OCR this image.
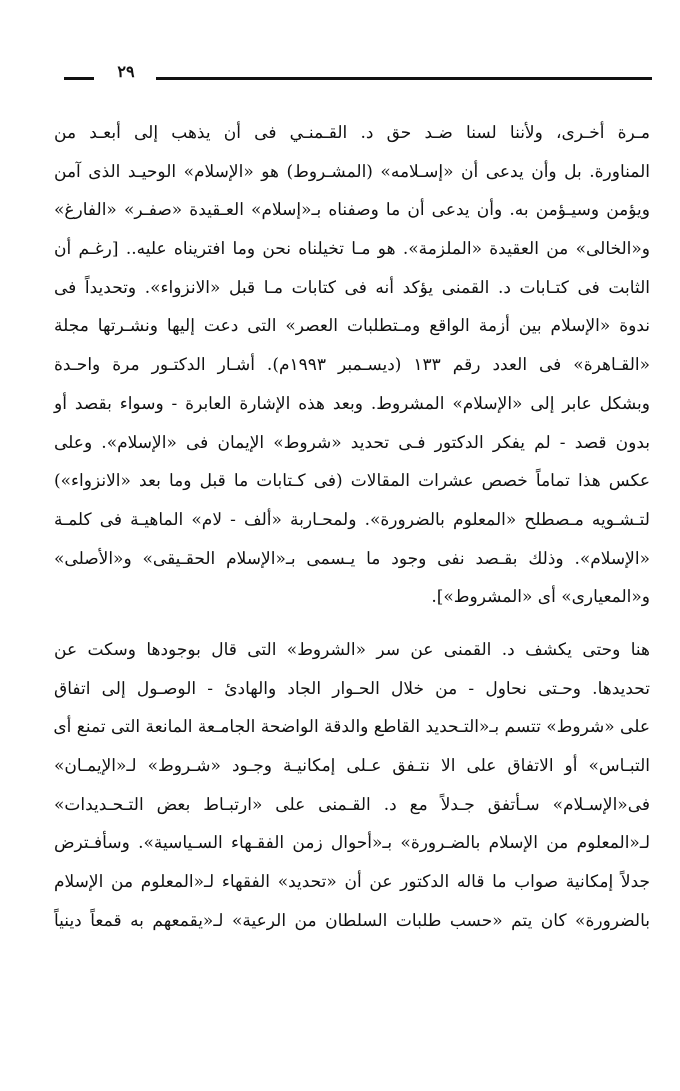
٢٩
مـرة أخـرى، ولأننا لسنا ضـد حق د. القـمنـي فى أن يذهب إلى أبعـد من
المناورة. بل وأن يدعى أن «إسـلامه» (المشـروط) هو «الإسلام» الوحيـد الذى آمن
ويؤمن وسيـؤمن به. وأن يدعى أن ما وصفناه بـ«إسلام» العـقيدة «صفـر» «الفارغ»
و«الخالى» من العقيدة «الملزمة». هو مـا تخيلناه نحن وما افتريناه عليه.. [رغـم أن
الثابت فى كتـابات د. القمنى يؤكد أنه فى كتابات مـا قبل «الانزواء». وتحديداً فى
ندوة «الإسلام بين أزمة الواقع ومـتطلبات العصر» التى دعت إليها ونشـرتها مجلة
«القـاهرة» فى العدد رقم ١٣٣ (ديسـمبر ١٩٩٣م). أشـار الدكتـور مرة واحـدة
وبشكل عابر إلى «الإسلام» المشروط. وبعد هذه الإشارة العابرة - وسواء بقصد أو
بدون قصد - لم يفكر الدكتور فـى تحديد «شروط» الإيمان فى «الإسلام». وعلى
عكس هذا تماماً خصص عشرات المقالات (فى كـتابات ما قبل وما بعد «الانزواء»)
لتـشـويه مـصطلح «المعلوم بالضرورة». ولمحـاربة «ألف - لام» الماهيـة فى كلمـة
«الإسلام». وذلك بقـصد نفى وجود ما يـسمى بـ«الإسلام الحقـيقى» و«الأصلى»
و«المعيارى» أى «المشروط»].
هنا وحتى يكشف د. القمنى عن سر «الشروط» التى قال بوجودها وسكت عن
تحديدها. وحـتى نحاول - من خلال الحـوار الجاد والهادئ - الوصـول إلى اتفاق
على «شروط» تتسم بـ«التـحديد القاطع والدقة الواضحة الجامـعة المانعة التى تمنع أى
التبـاس» أو الاتفاق على الا نتـفق عـلى إمكانيـة وجـود «شـروط» لـ«الإيمـان»
فى«الإسـلام» سـأتفق جـدلاً مع د. القـمنى على «ارتبـاط بعض التـحـديدات»
لـ«المعلوم من الإسلام بالضـرورة» بـ«أحوال زمن الفقـهاء السـياسية». وسأفـترض
جدلاً إمكانية صواب ما قاله الدكتور عن أن «تحديد» الفقهاء لـ«المعلوم من الإسلام
بالضرورة» كان يتم «حسب طلبات السلطان من الرعية» لـ«يقمعهم به قمعاً دينياً
